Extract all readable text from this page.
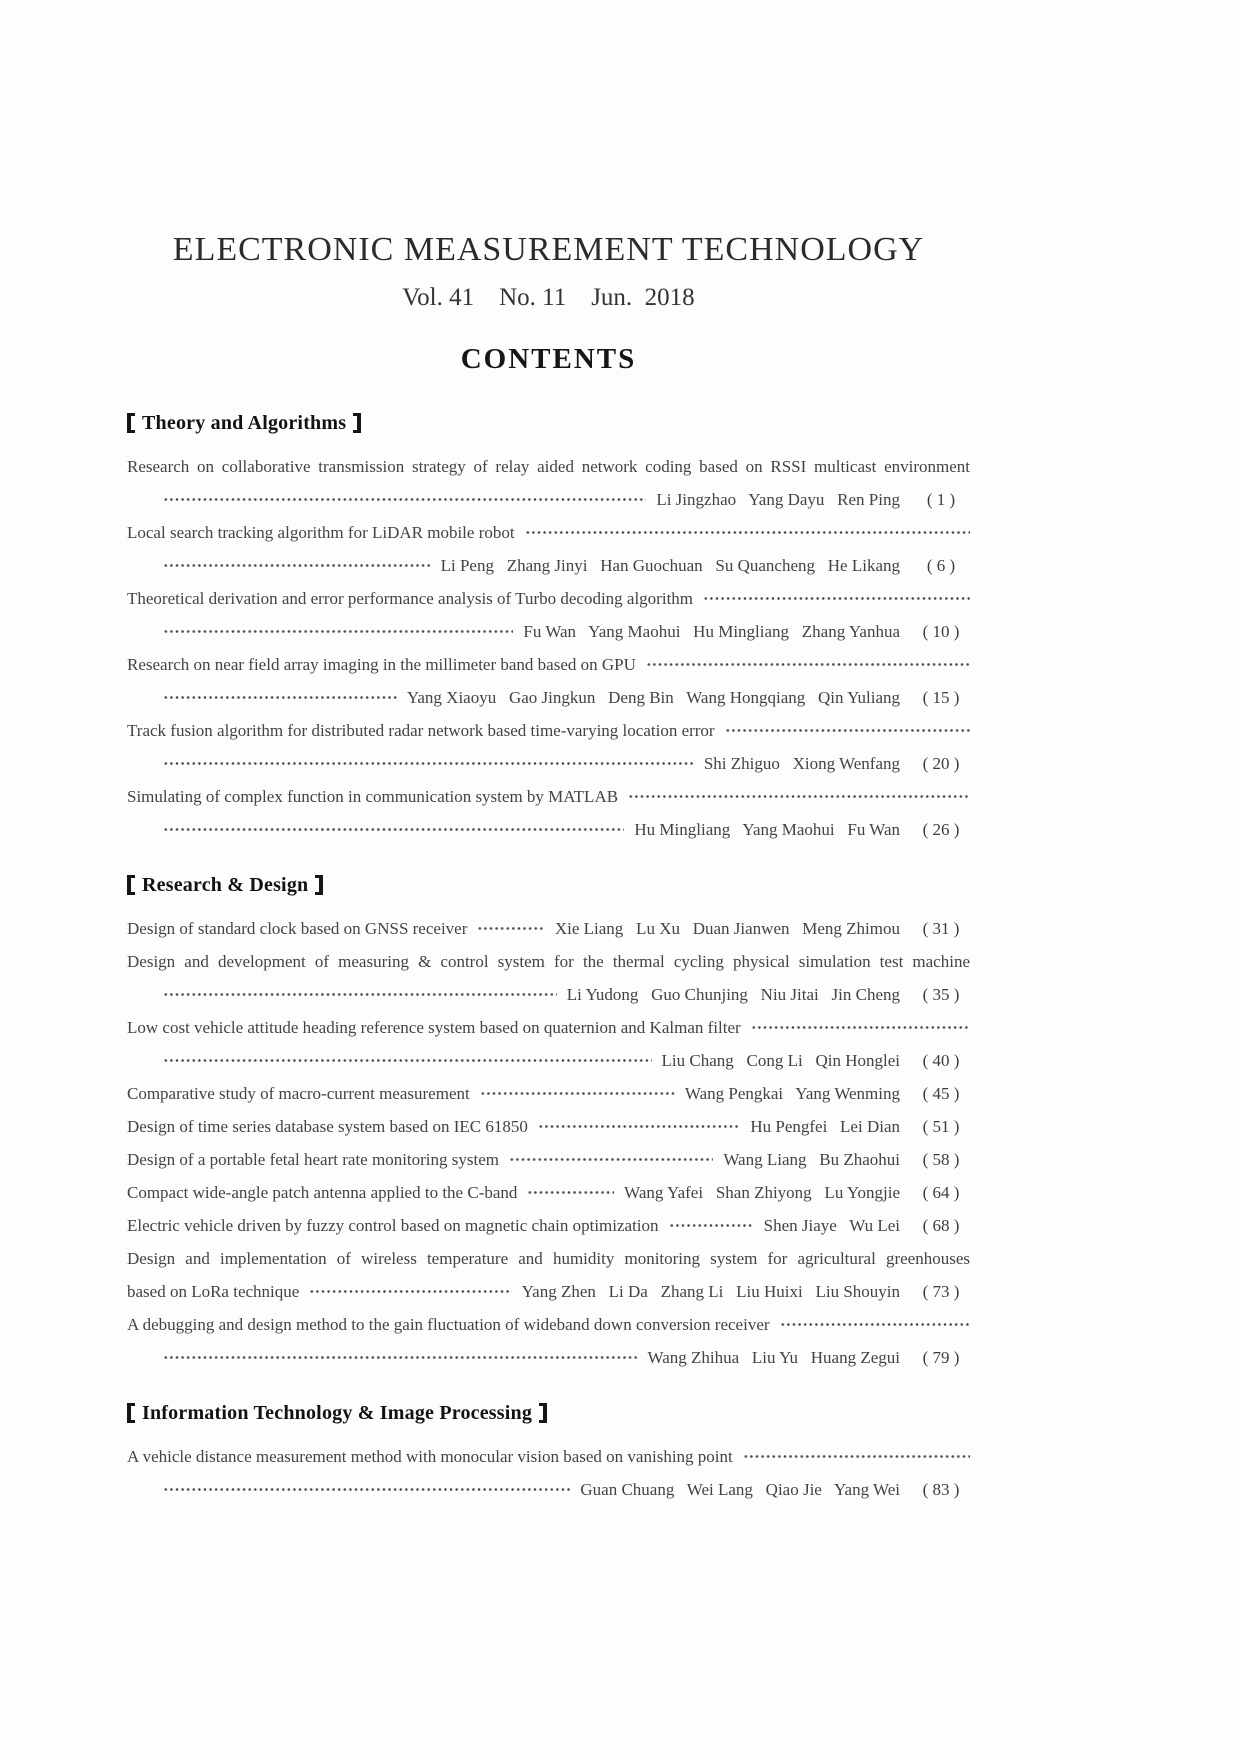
ELECTRONIC MEASUREMENT TECHNOLOGY
Vol. 41    No. 11    Jun.  2018
CONTENTS
Theory and Algorithms
Research on collaborative transmission strategy of relay aided network coding based on RSSI multicast environment
Li Jingzhao   Yang Dayu   Ren Ping	( 1 )
Local search tracking algorithm for LiDAR mobile robot
Li Peng   Zhang Jinyi   Han Guochuan   Su Quancheng   He Likang	( 6 )
Theoretical derivation and error performance analysis of Turbo decoding algorithm
Fu Wan   Yang Maohui   Hu Mingliang   Zhang Yanhua	( 10 )
Research on near field array imaging in the millimeter band based on GPU
Yang Xiaoyu   Gao Jingkun   Deng Bin   Wang Hongqiang   Qin Yuliang	( 15 )
Track fusion algorithm for distributed radar network based time-varying location error
Shi Zhiguo   Xiong Wenfang	( 20 )
Simulating of complex function in communication system by MATLAB
Hu Mingliang   Yang Maohui   Fu Wan	( 26 )
Research & Design
Design of standard clock based on GNSS receiver	Xie Liang   Lu Xu   Duan Jianwen   Meng Zhimou	( 31 )
Design and development of measuring & control system for the thermal cycling physical simulation test machine
Li Yudong   Guo Chunjing   Niu Jitai   Jin Cheng	( 35 )
Low cost vehicle attitude heading reference system based on quaternion and Kalman filter
Liu Chang   Cong Li   Qin Honglei	( 40 )
Comparative study of macro-current measurement	Wang Pengkai   Yang Wenming	( 45 )
Design of time series database system based on IEC 61850	Hu Pengfei   Lei Dian	( 51 )
Design of a portable fetal heart rate monitoring system	Wang Liang   Bu Zhaohui	( 58 )
Compact wide-angle patch antenna applied to the C-band	Wang Yafei   Shan Zhiyong   Lu Yongjie	( 64 )
Electric vehicle driven by fuzzy control based on magnetic chain optimization	Shen Jiaye   Wu Lei	( 68 )
Design and implementation of wireless temperature and humidity monitoring system for agricultural greenhouses
based on LoRa technique	Yang Zhen   Li Da   Zhang Li   Liu Huixi   Liu Shouyin	( 73 )
A debugging and design method to the gain fluctuation of wideband down conversion receiver
Wang Zhihua   Liu Yu   Huang Zegui	( 79 )
Information Technology & Image Processing
A vehicle distance measurement method with monocular vision based on vanishing point
Guan Chuang   Wei Lang   Qiao Jie   Yang Wei	( 83 )
